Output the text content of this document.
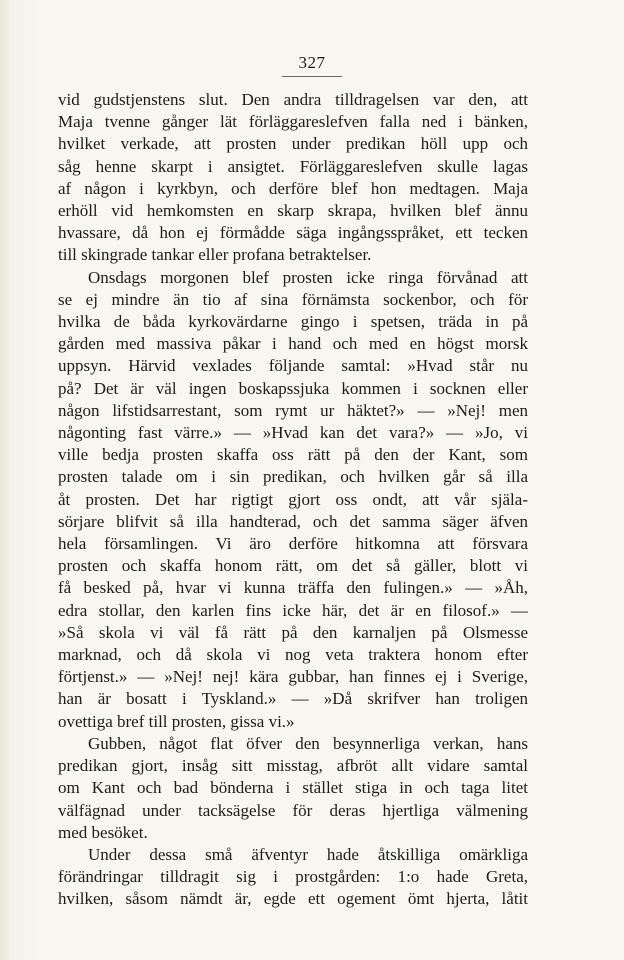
327
vid gudstjenstens slut. Den andra tilldragelsen var den, att
Maja tvenne gånger lät förläggareslefven falla ned i bänken,
hvilket verkade, att prosten under predikan höll upp och
såg henne skarpt i ansigtet. Förläggareslefven skulle lagas
af någon i kyrkbyn, och derföre blef hon medtagen. Maja
erhöll vid hemkomsten en skarp skrapa, hvilken blef ännu
hvassare, då hon ej förmådde säga ingångsspråket, ett tecken
till skingrade tankar eller profana betraktelser.
Onsdags morgonen blef prosten icke ringa förvånad att
se ej mindre än tio af sina förnämsta sockenbor, och för
hvilka de båda kyrkovärdarne gingo i spetsen, träda in på
gården med massiva påkar i hand och med en högst morsk
uppsyn. Härvid vexlades följande samtal: »Hvad står nu
på? Det är väl ingen boskapssjuka kommen i socknen eller
någon lifstidsarrestant, som rymt ur häktet?» — »Nej! men
någonting fast värre.» — »Hvad kan det vara?» — »Jo, vi
ville bedja prosten skaffa oss rätt på den der Kant, som
prosten talade om i sin predikan, och hvilken går så illa
åt prosten. Det har rigtigt gjort oss ondt, att vår själa-
sörjare blifvit så illa handterad, och det samma säger äfven
hela församlingen. Vi äro derföre hitkomna att försvara
prosten och skaffa honom rätt, om det så gäller, blott vi
få besked på, hvar vi kunna träffa den fulingen.» — »Åh,
edra stollar, den karlen fins icke här, det är en filosof.» —
»Så skola vi väl få rätt på den karnaljen på Olsmesse
marknad, och då skola vi nog veta traktera honom efter
förtjenst.» — »Nej! nej! kära gubbar, han finnes ej i Sverige,
han är bosatt i Tyskland.» — »Då skrifver han troligen
ovettiga bref till prosten, gissa vi.»
Gubben, något flat öfver den besynnerliga verkan, hans
predikan gjort, insåg sitt misstag, afbröt allt vidare samtal
om Kant och bad bönderna i stället stiga in och taga litet
välfägnad under tacksägelse för deras hjertliga välmening
med besöket.
Under dessa små äfventyr hade åtskilliga omärkliga
förändringar tilldragit sig i prostgården: 1:o hade Greta,
hvilken, såsom nämdt är, egde ett ogement ömt hjerta, låtit
